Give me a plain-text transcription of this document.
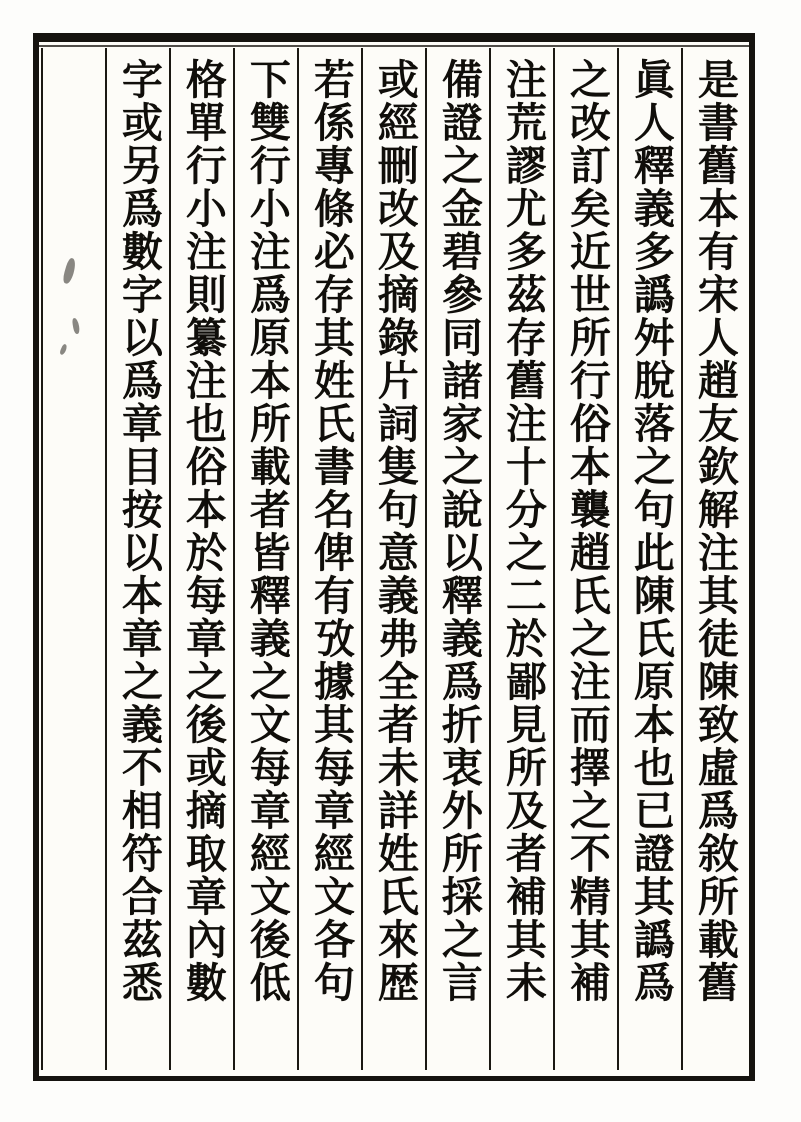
是書舊本有宋人趙友欽解注其徒陳致虛爲敘所載舊
眞人釋義多譌舛脫落之句此陳氏原本也已證其譌爲
之改訂矣近世所行俗本襲趙氏之注而擇之不精其補
注荒謬尤多茲存舊注十分之二於鄙見所及者補其未
備證之金碧參同諸家之說以釋義爲折衷外所採之言
或經刪改及摘錄片詞隻句意義弗全者未詳姓氏來歴
若係專條必存其姓氏書名俾有攷據其每章經文各句
下雙行小注爲原本所載者皆釋義之文每章經文後低
格單行小注則纂注也俗本於每章之後或摘取章內數
字或另爲數字以爲章目按以本章之義不相符合茲悉
